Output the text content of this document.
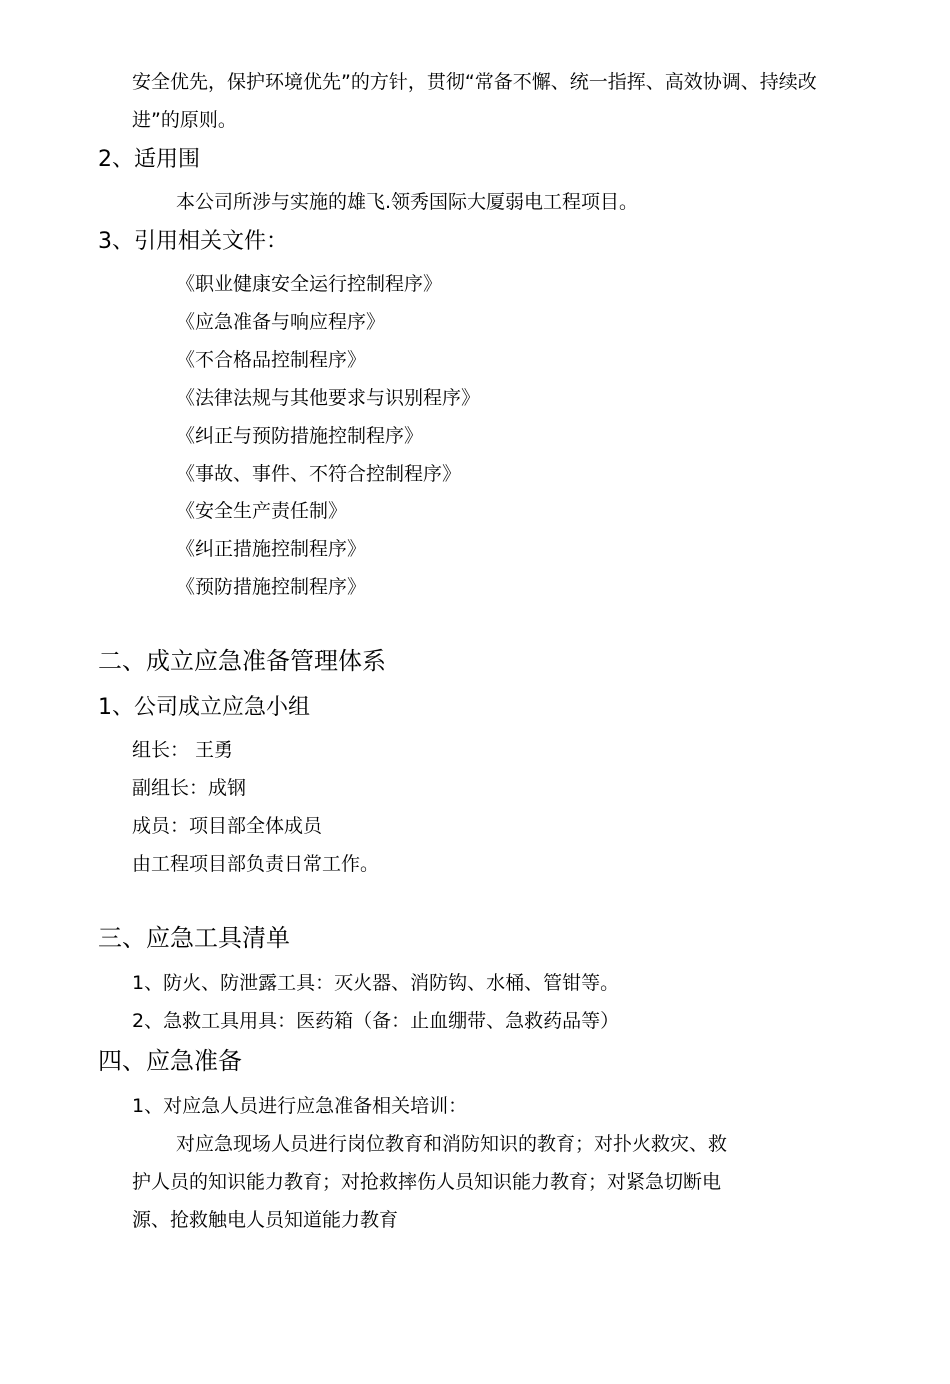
安全优先，保护环境优先”的方针，贯彻“常备不懈、统一指挥、高效协调、持续改
进”的原则。
2、适用围
本公司所涉与实施的雄飞.领秀国际大厦弱电工程项目。
3、引用相关文件：
《职业健康安全运行控制程序》
《应急准备与响应程序》
《不合格品控制程序》
《法律法规与其他要求与识别程序》
《纠正与预防措施控制程序》
《事故、事件、不符合控制程序》
《安全生产责任制》
《纠正措施控制程序》
《预防措施控制程序》
二、成立应急准备管理体系
1、公司成立应急小组
组长： 王勇
副组长：成钢
成员：项目部全体成员
由工程项目部负责日常工作。
三、应急工具清单
1、防火、防泄露工具：灭火器、消防钩、水桶、管钳等。
2、急救工具用具：医药箱（备：止血绷带、急救药品等）
四、应急准备
1、对应急人员进行应急准备相关培训：
对应急现场人员进行岗位教育和消防知识的教育；对扑火救灾、救
护人员的知识能力教育；对抢救摔伤人员知识能力教育；对紧急切断电
源、抢救触电人员知道能力教育
